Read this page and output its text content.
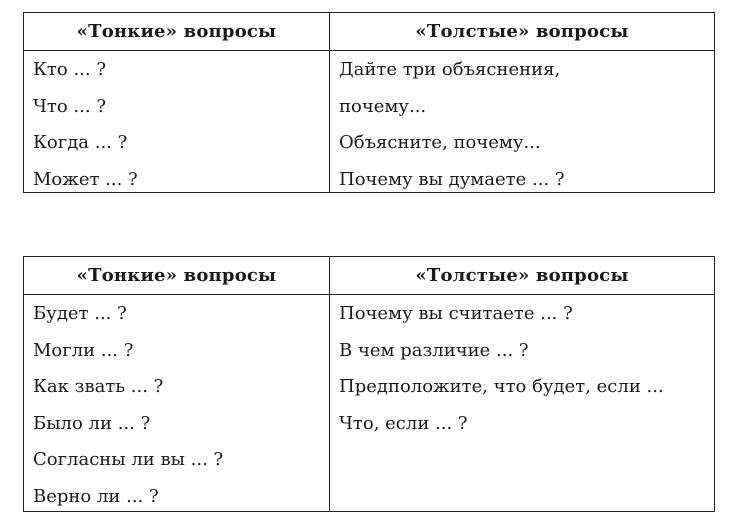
«Тонкие» вопросы	«Толстые» вопросы
Кто ... ?
Что ... ?
Когда ... ?
Может ... ?
Дайте три объяснения,
почему...
Объясните, почему...
Почему вы думаете ... ?
«Тонкие» вопросы	«Толстые» вопросы
Будет ... ?
Могли ... ?
Как звать ... ?
Было ли ... ?
Согласны ли вы ... ?
Верно ли ... ?
Почему вы считаете ... ?
В чем различие ... ?
Предположите, что будет, если ...
Что, если ... ?
